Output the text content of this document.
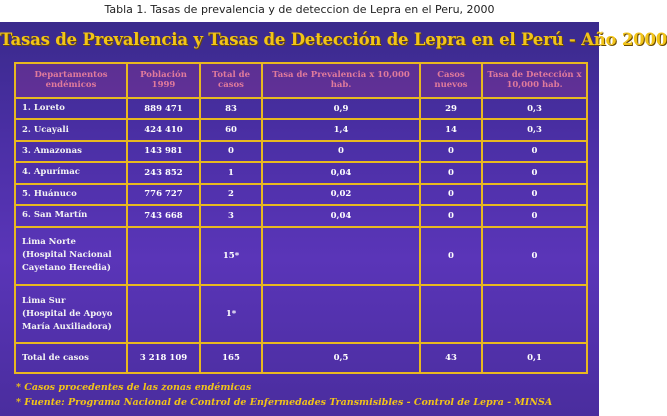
Tabla 1. Tasas de prevalencia y de deteccion de Lepra en el Peru, 2000
Tasas de Prevalencia y Tasas de Detección de Lepra en el Perú - Año 2000
Departamentos endémicos	Población 1999	Total de casos	Tasa de Prevalencia x 10,000 hab.	Casos nuevos	Tasa de Detección x 10,000 hab.
1. Loreto	889 471	83	0,9	29	0,3
2. Ucayali	424 410	60	1,4	14	0,3
3. Amazonas	143 981	0	0	0	0
4. Apurímac	243 852	1	0,04	0	0
5. Huánuco	776 727	2	0,02	0	0
6. San Martín	743 668	3	0,04	0	0

Lima Norte
(Hospital Nacional Cayetano Heredia)		15*		0	0

Lima Sur
(Hospital de Apoyo María Auxiliadora)		1*			
Total de casos	3 218 109	165	0,5	43	0,1
* Casos procedentes de las zonas endémicas
* Fuente: Programa Nacional de Control de Enfermedades Transmisibles - Control de Lepra - MINSA
